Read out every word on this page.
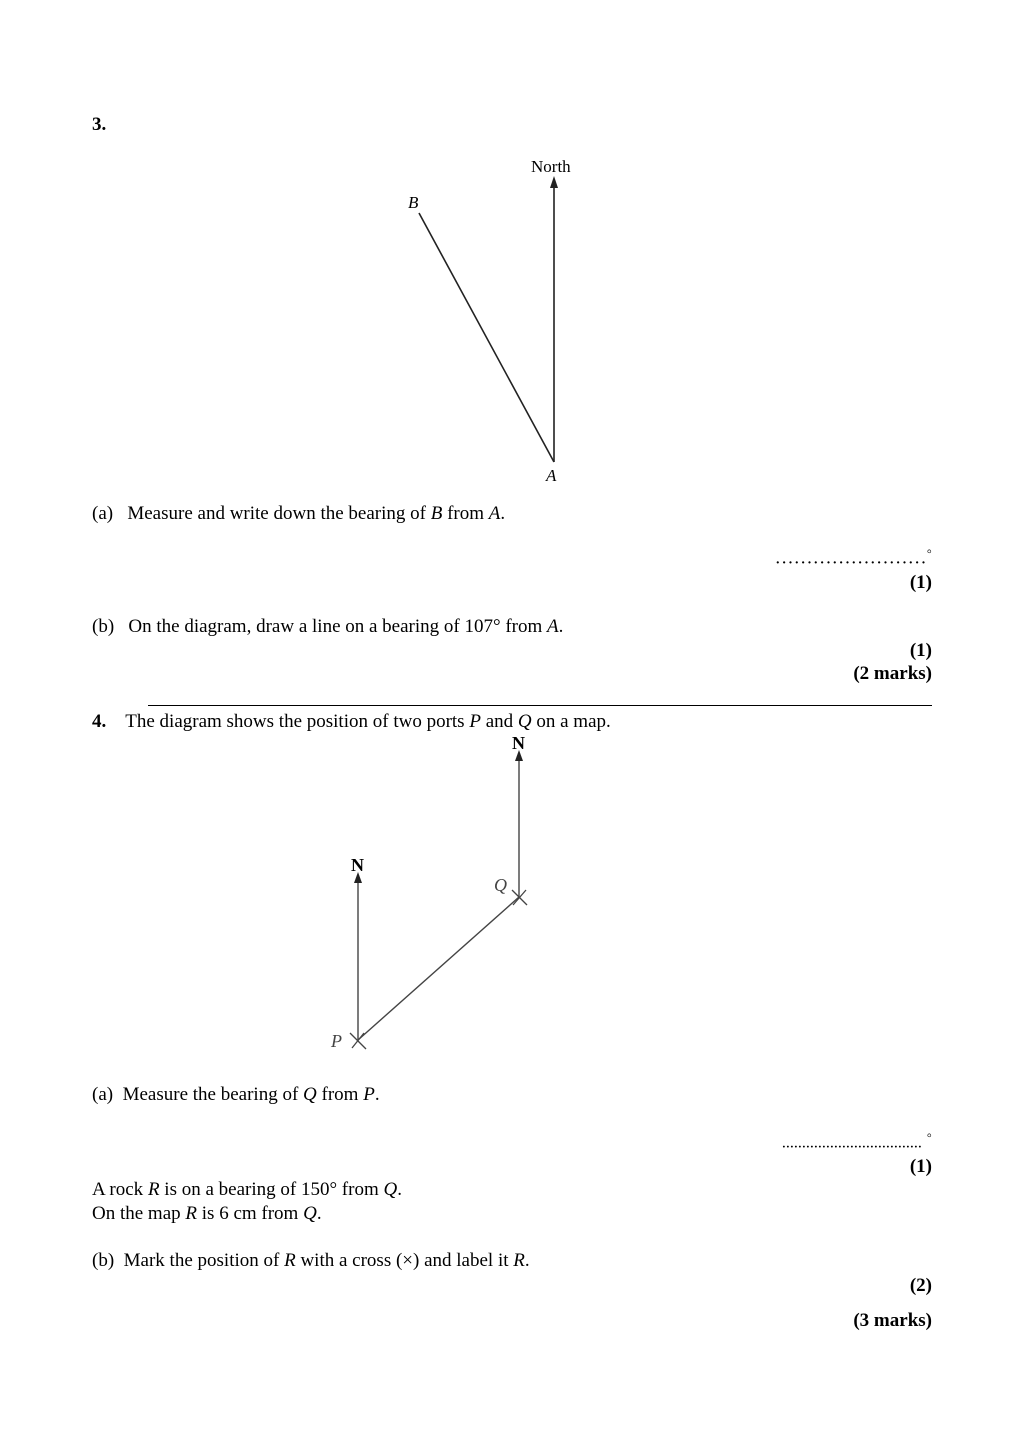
3.
North
B
A
(a) Measure and write down the bearing of B from A.
……………………◦
(1)
(b) On the diagram, draw a line on a bearing of 107° from A.
(1)
(2 marks)
4. The diagram shows the position of two ports P and Q on a map.
N
N
Q
P
(a) Measure the bearing of Q from P.
................................... ◦
(1)
A rock R is on a bearing of 150° from Q.
On the map R is 6 cm from Q.
(b) Mark the position of R with a cross (×) and label it R.
(2)
(3 marks)
